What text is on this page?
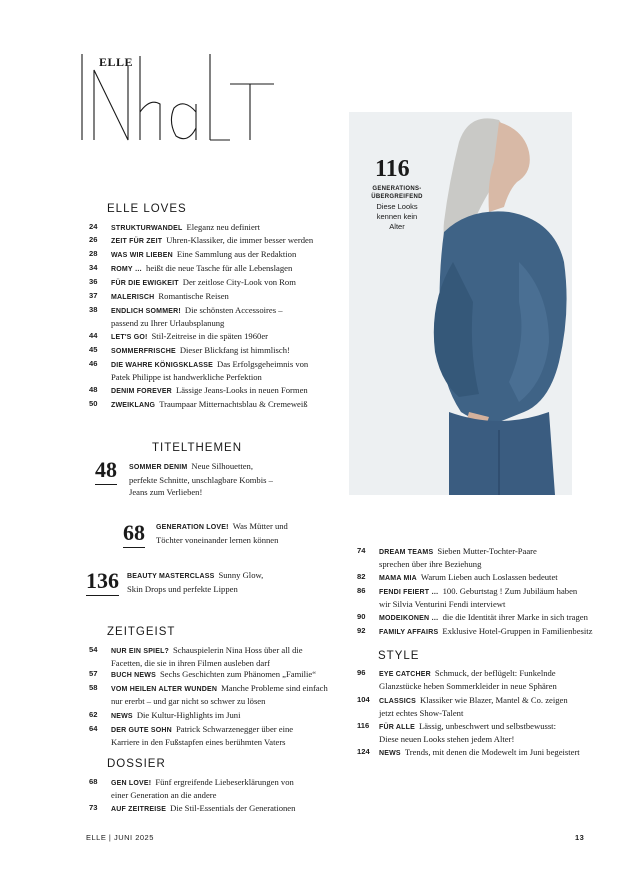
ELLE
116
GENERATIONS-ÜBERGREIFEND
Diese Looks kennen kein Alter
ELLE LOVES
24	STRUKTURWANDEL Eleganz neu definiert
26	ZEIT FÜR ZEIT Uhren-Klassiker, die immer besser werden
28	WAS WIR LIEBEN Eine Sammlung aus der Redaktion
34	ROMY … heißt die neue Tasche für alle Lebenslagen
36	FÜR DIE EWIGKEIT Der zeitlose City-Look von Rom
37	MALERISCH Romantische Reisen
38	ENDLICH SOMMER! Die schönsten Accessoires –
passend zu Ihrer Urlaubsplanung
44	LET'S GO! Stil-Zeitreise in die späten 1960er
45	SOMMERFRISCHE Dieser Blickfang ist himmlisch!
46	DIE WAHRE KÖNIGSKLASSE Das Erfolgsgeheimnis von
Patek Philippe ist handwerkliche Perfektion
48	DENIM FOREVER Lässige Jeans-Looks in neuen Formen
50	ZWEIKLANG Traumpaar Mitternachtsblau & Cremeweiß
TITELTHEMEN
48 SOMMER DENIM Neue Silhouetten,
perfekte Schnitte, unschlagbare Kombis –
Jeans zum Verlieben!
68 GENERATION LOVE! Was Mütter und
Töchter voneinander lernen können
136 BEAUTY MASTERCLASS Sunny Glow,
Skin Drops und perfekte Lippen
ZEITGEIST
54	NUR EIN SPIEL? Schauspielerin Nina Hoss über all die
Facetten, die sie in ihren Filmen ausleben darf
57	BUCH NEWS Sechs Geschichten zum Phänomen „Familie“
58	VOM HEILEN ALTER WUNDEN Manche Probleme sind einfach
nur ererbt – und gar nicht so schwer zu lösen
62	NEWS Die Kultur-Highlights im Juni
64	DER GUTE SOHN Patrick Schwarzenegger über eine
Karriere in den Fußstapfen eines berühmten Vaters
DOSSIER
68	GEN LOVE! Fünf ergreifende Liebeserklärungen von
einer Generation an die andere
73	AUF ZEITREISE Die Stil-Essentials der Generationen
74	DREAM TEAMS Sieben Mutter-Tochter-Paare
sprechen über ihre Beziehung
82	MAMA MIA Warum Lieben auch Loslassen bedeutet
86	FENDI FEIERT … 100. Geburtstag ! Zum Jubiläum haben
wir Silvia Venturini Fendi interviewt
90	MODEIKONEN … die die Identität ihrer Marke in sich tragen
92	FAMILY AFFAIRS Exklusive Hotel-Gruppen in Familienbesitz
STYLE
96	EYE CATCHER Schmuck, der beflügelt: Funkelnde
Glanzstücke heben Sommerkleider in neue Sphären
104	CLASSICS Klassiker wie Blazer, Mantel & Co. zeigen
jetzt echtes Show-Talent
116	FÜR ALLE Lässig, unbeschwert und selbstbewusst:
Diese neuen Looks stehen jedem Alter!
124	NEWS Trends, mit denen die Modewelt im Juni begeistert
ELLE | JUNI 2025	13
